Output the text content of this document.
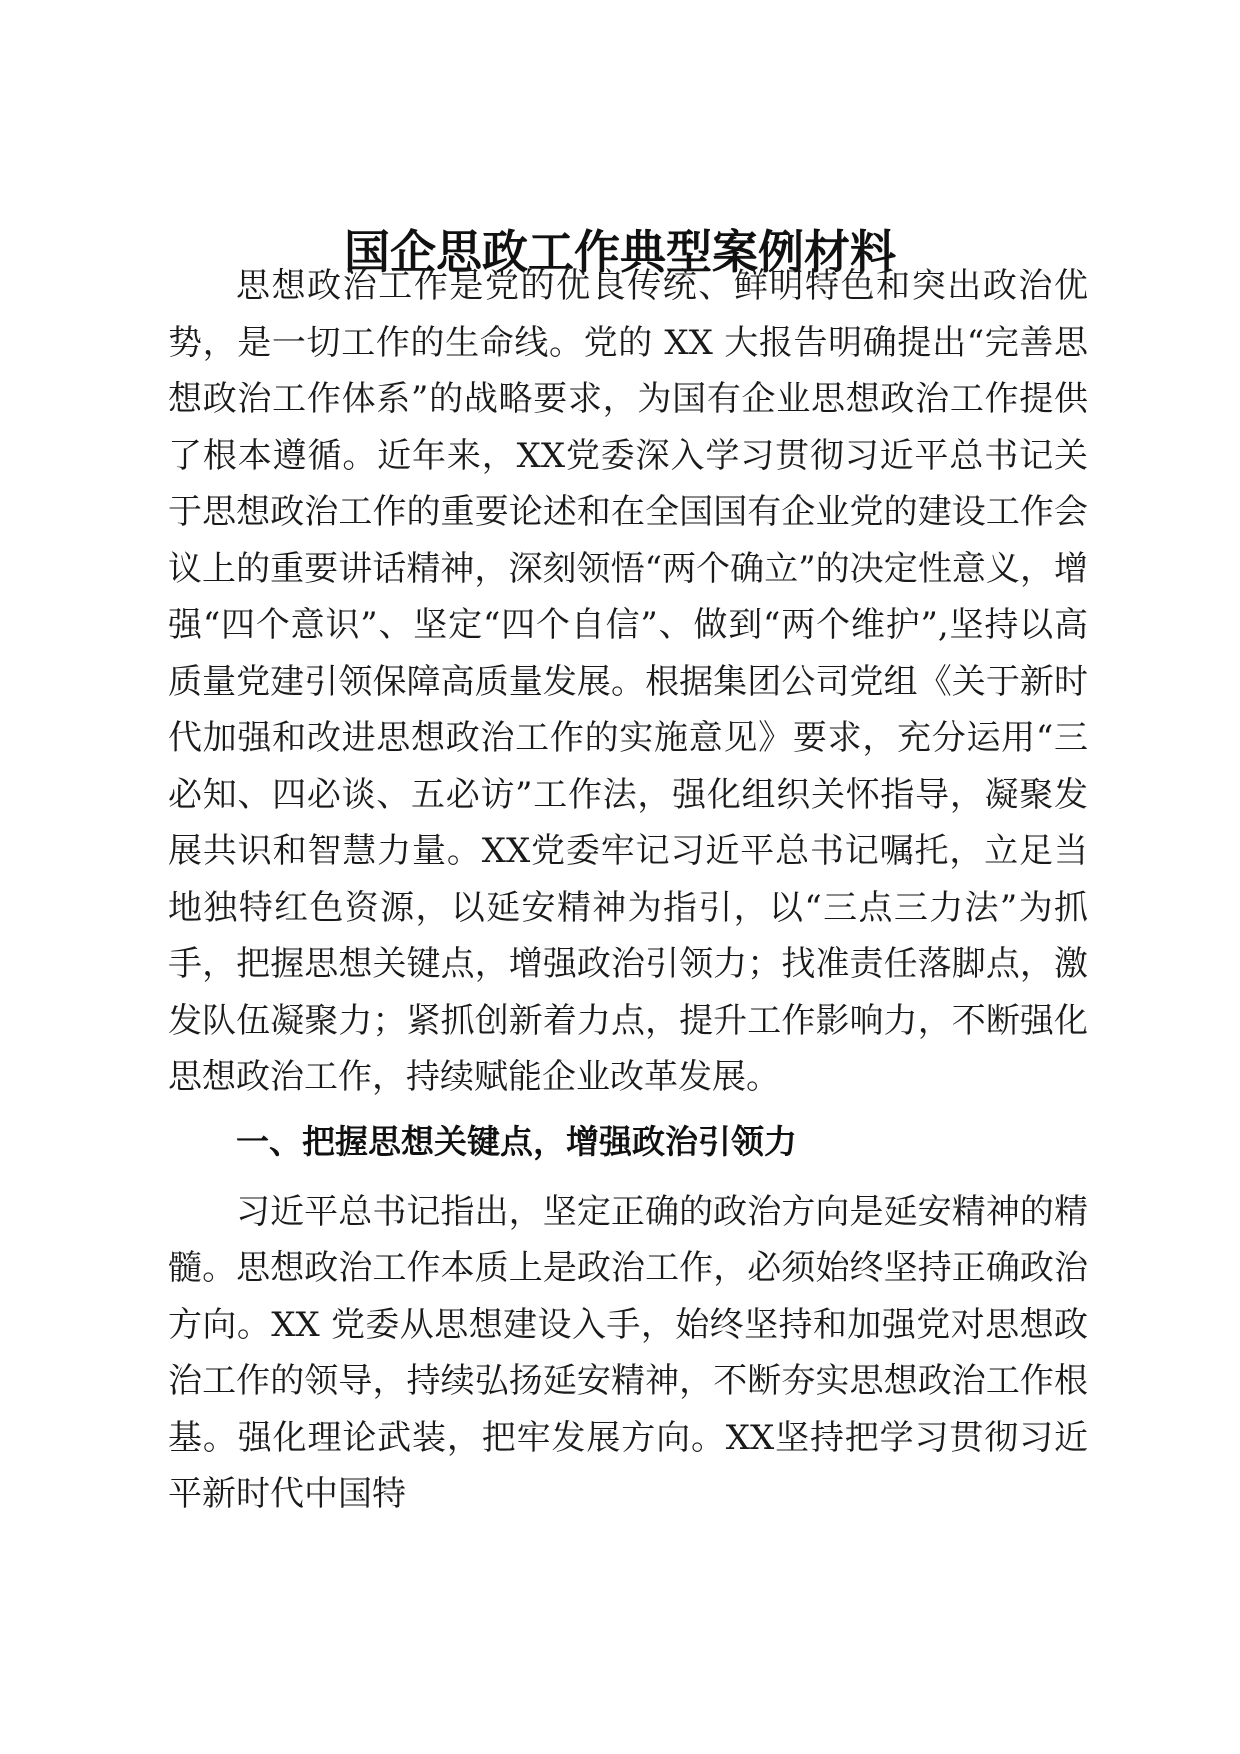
国企思政工作典型案例材料

思想政治工作是党的优良传统、鲜明特色和突出政治优势，是一切工作的生命线。党的 XX 大报告明确提出“完善思想政治工作体系”的战略要求，为国有企业思想政治工作提供了根本遵循。近年来，XX党委深入学习贯彻习近平总书记关于思想政治工作的重要论述和在全国国有企业党的建设工作会议上的重要讲话精神，深刻领悟“两个确立”的决定性意义，增强“四个意识”、坚定“四个自信”、做到“两个维护”,坚持以高质量党建引领保障高质量发展。根据集团公司党组《关于新时代加强和改进思想政治工作的实施意见》要求，充分运用“三必知、四必谈、五必访”工作法，强化组织关怀指导，凝聚发展共识和智慧力量。XX党委牢记习近平总书记嘱托，立足当地独特红色资源，以延安精神为指引，以“三点三力法”为抓手，把握思想关键点，增强政治引领力；找准责任落脚点，激发队伍凝聚力；紧抓创新着力点，提升工作影响力，不断强化思想政治工作，持续赋能企业改革发展。

一、把握思想关键点，增强政治引领力

习近平总书记指出，坚定正确的政治方向是延安精神的精髓。思想政治工作本质上是政治工作，必须始终坚持正确政治方向。XX 党委从思想建设入手，始终坚持和加强党对思想政治工作的领导，持续弘扬延安精神，不断夯实思想政治工作根基。强化理论武装，把牢发展方向。XX坚持把学习贯彻习近平新时代中国特
